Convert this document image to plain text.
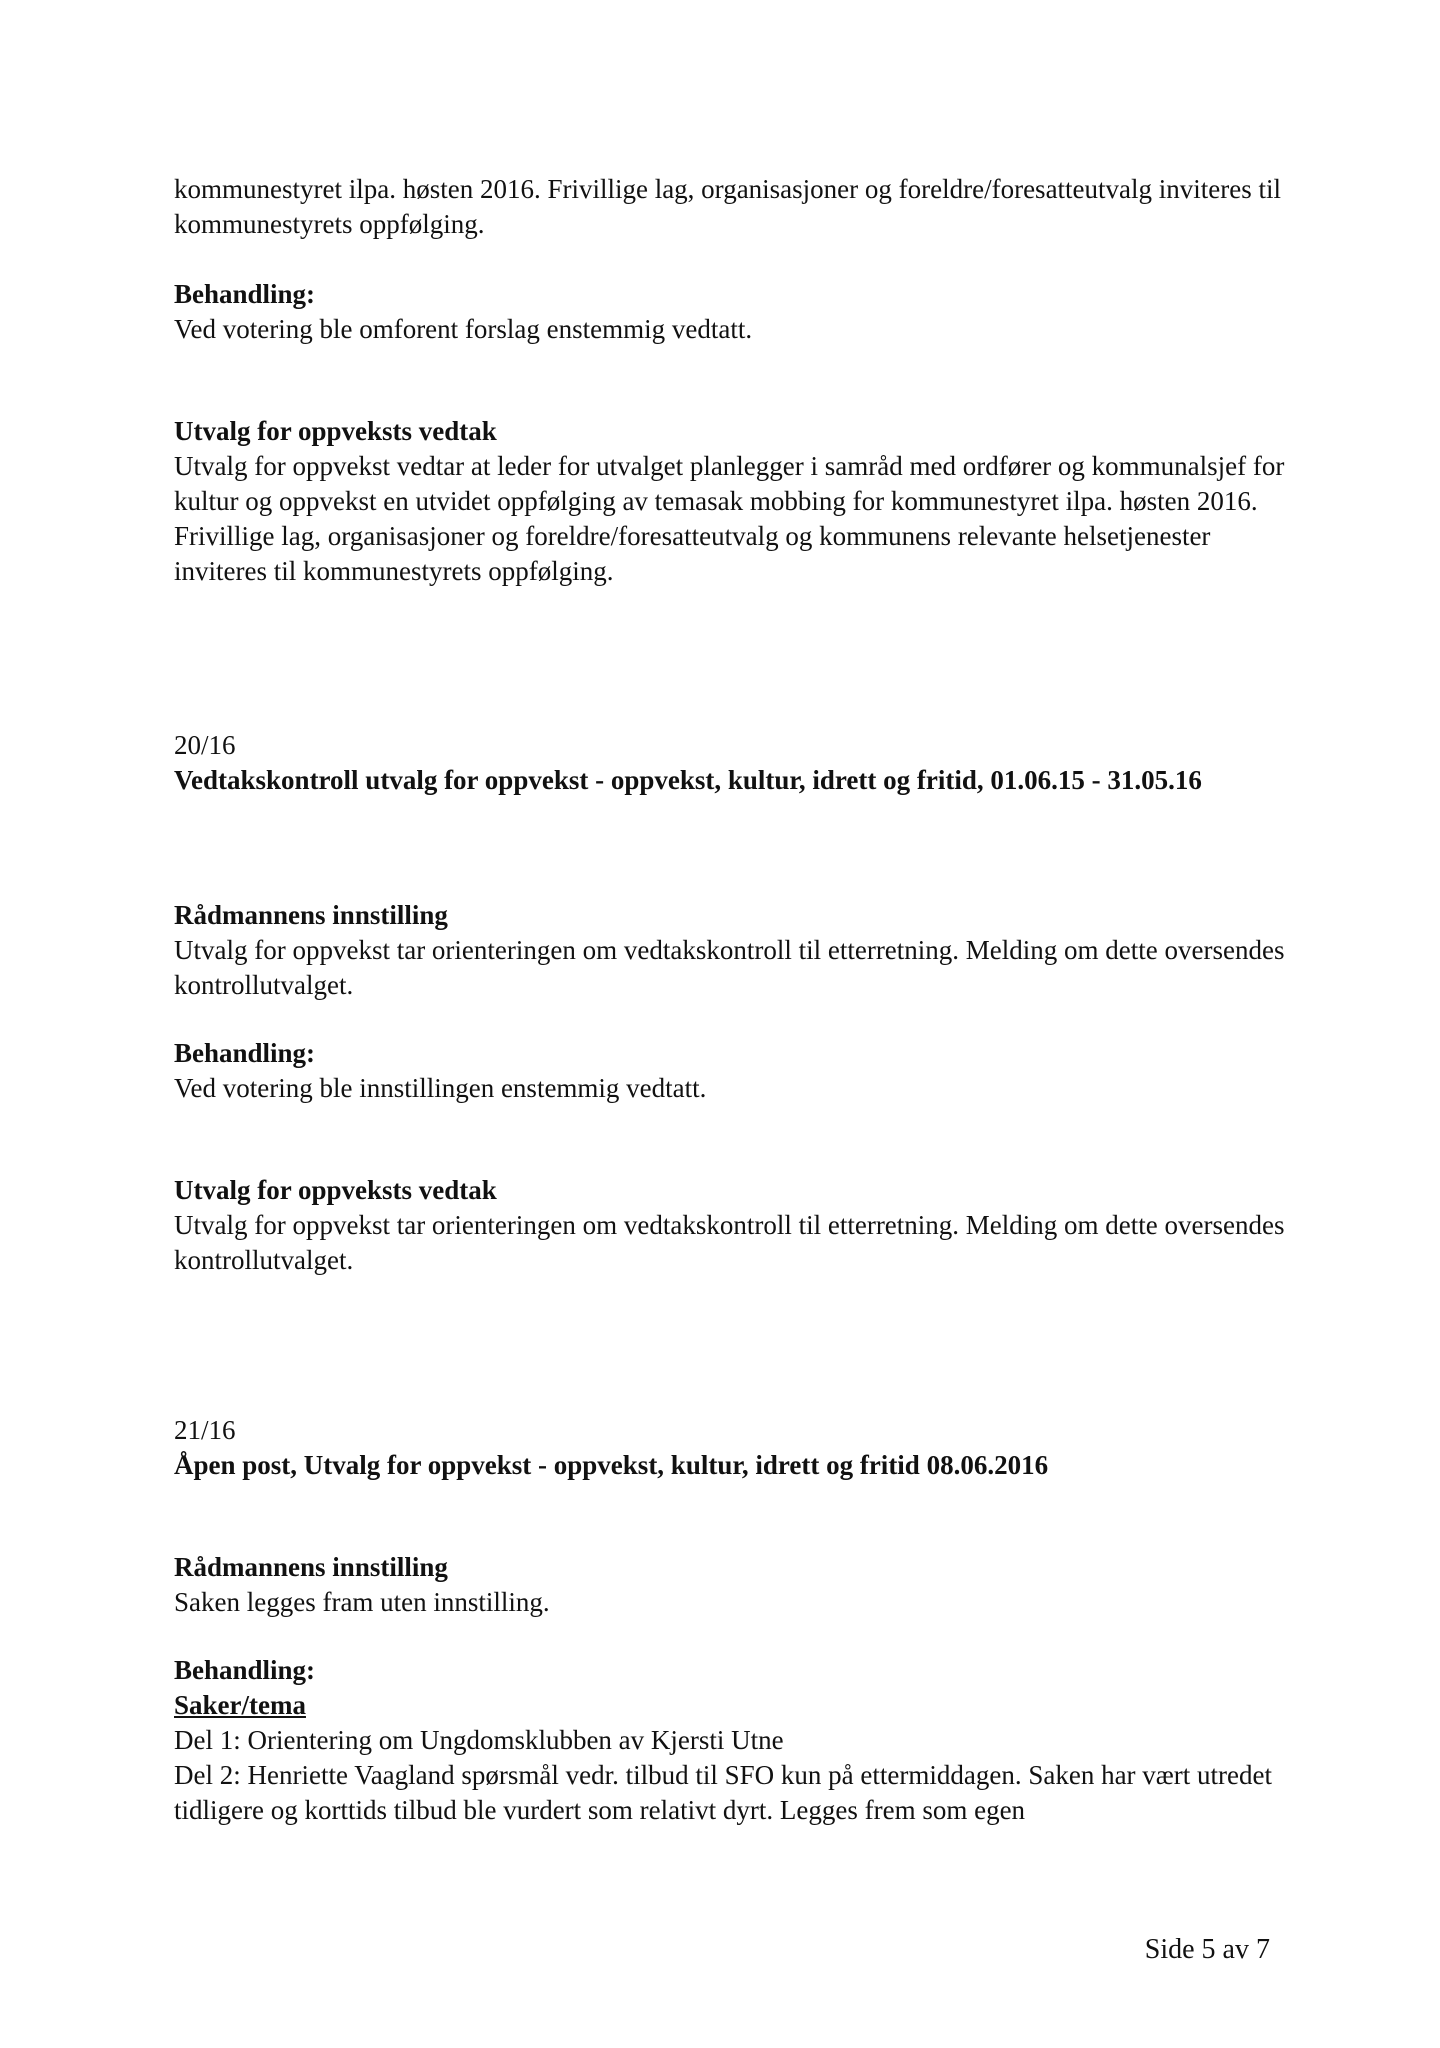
kommunestyret ilpa. høsten 2016. Frivillige lag, organisasjoner og foreldre/foresatteutvalg inviteres til kommunestyrets oppfølging.

Behandling:

Ved votering ble omforent forslag enstemmig vedtatt.

Utvalg for oppveksts vedtak

Utvalg for oppvekst vedtar at leder for utvalget planlegger i samråd med ordfører og kommunalsjef for kultur og oppvekst en utvidet oppfølging av temasak mobbing for kommunestyret ilpa. høsten 2016. Frivillige lag, organisasjoner og foreldre/foresatteutvalg og kommunens relevante helsetjenester inviteres til kommunestyrets oppfølging.

20/16

Vedtakskontroll utvalg for oppvekst - oppvekst, kultur, idrett og fritid, 01.06.15 - 31.05.16

Rådmannens innstilling

Utvalg for oppvekst tar orienteringen om vedtakskontroll til etterretning. Melding om dette oversendes kontrollutvalget.

Behandling:

Ved votering ble innstillingen enstemmig vedtatt.

Utvalg for oppveksts vedtak

Utvalg for oppvekst tar orienteringen om vedtakskontroll til etterretning. Melding om dette oversendes kontrollutvalget.

21/16

Åpen post, Utvalg for oppvekst - oppvekst, kultur, idrett og fritid 08.06.2016

Rådmannens innstilling

Saken legges fram uten innstilling.

Behandling:

Saker/tema

Del 1: Orientering om Ungdomsklubben av Kjersti Utne

Del 2: Henriette Vaagland spørsmål vedr. tilbud til SFO kun på ettermiddagen. Saken har vært utredet tidligere og korttids tilbud ble vurdert som relativt dyrt. Legges frem som egen

Side 5 av 7
